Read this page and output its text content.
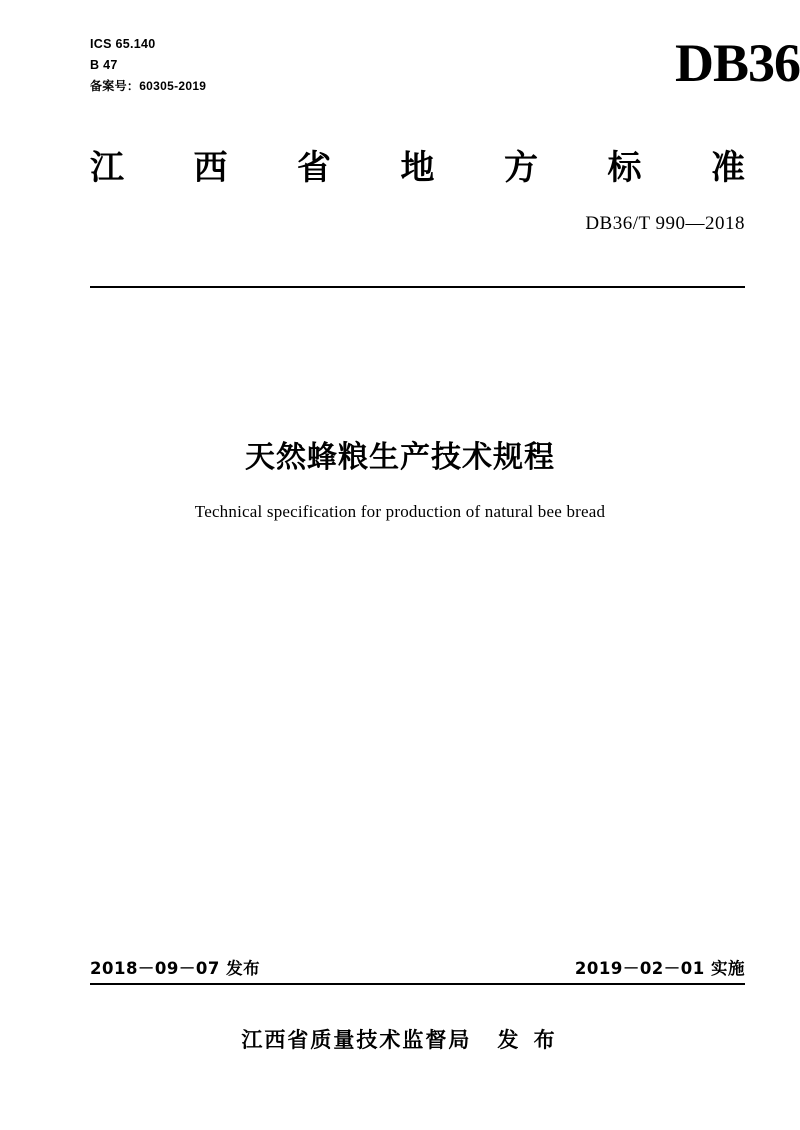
ICS 65.140
B 47
备案号：60305-2019	DB36
江 西 省 地 方 标 准
DB36/T 990—2018
天然蜂粮生产技术规程
Technical specification for production of natural bee bread
2018－09－07 发布	2019－02－01 实施
江西省质量技术监督局 发 布
